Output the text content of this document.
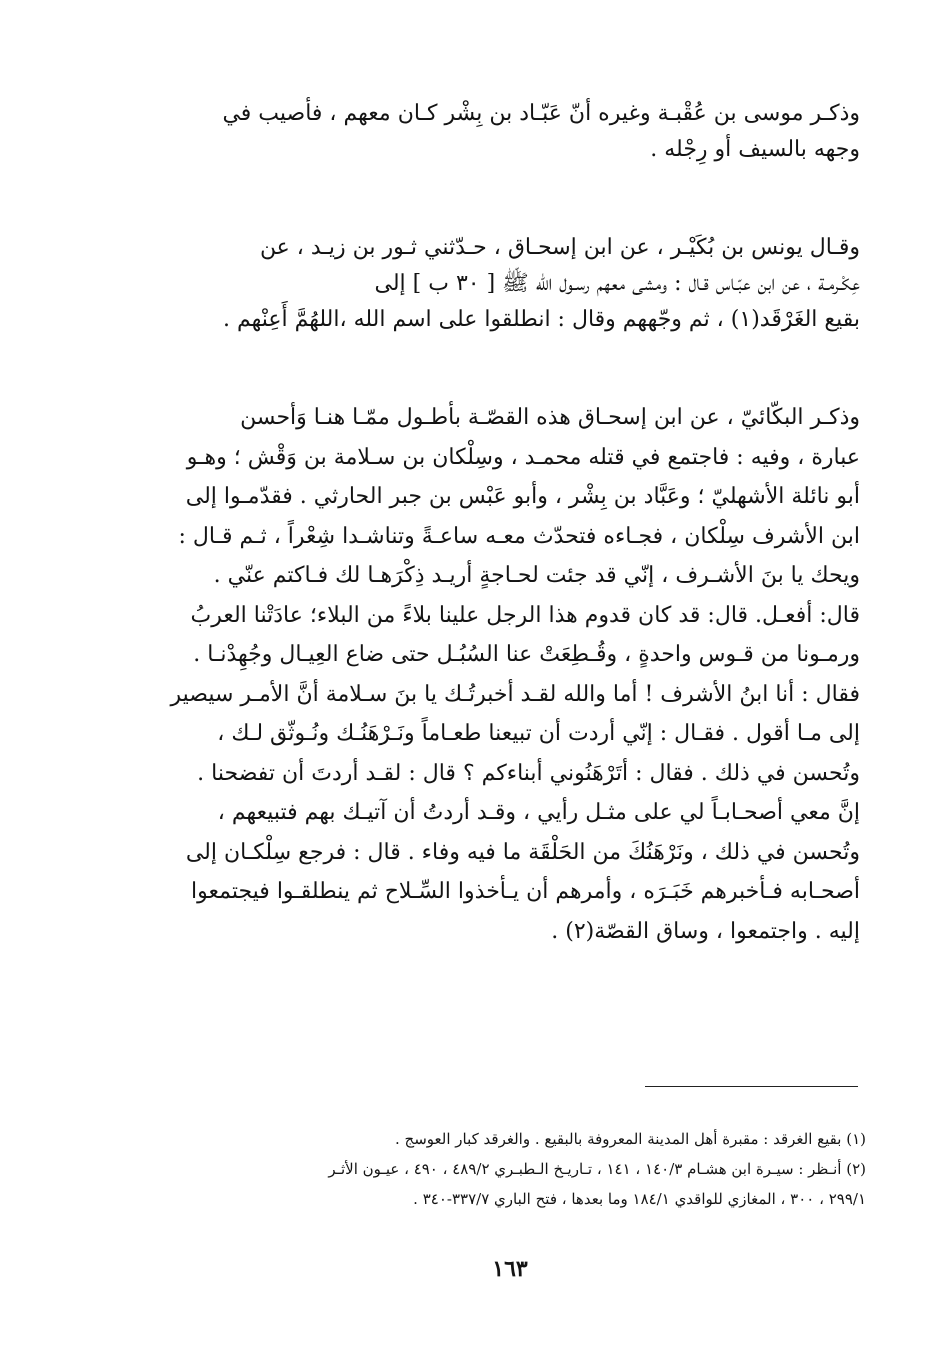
وذكـر موسى بن عُقْبـة وغيره أنّ عَبّـاد بن بِشْر كـان معهم ، فأصيب في
وجهه بالسيف أو رِجْله .
وقـال يونس بن بُكَيْـر ، عن ابن إسحـاق ، حـدّثني ثـور بن زيـد ، عن
عِكْـرمـة ، عن ابن عبّـاس قـال : ومشى معهم رسـول الله ﷺ [ ٣٠ ب ] إلى
بقيع الغَرْقَد(١) ، ثم وجّههم وقال : انطلقوا على اسم الله ،اللهُمَّ أَعِنْهم .
وذكـر البكّائيّ ، عن ابن إسحـاق هذه القصّـة بأطـول ممّـا هنـا وَأحسن
عبارة ، وفيه : فاجتمع في قتله محمـد ، وسِلْكان بن سـلامة بن وَقْش ؛ وهـو
أبو نائلة الأشهليّ ؛ وعَبَّاد بن بِشْر ، وأبو عَبْس بن جبر الحارثي . فقدّمـوا إلى
ابن الأشرف سِلْكان ، فجـاءه فتحدّث معـه ساعـةً وتناشـدا شِعْراً ، ثـم قـال :
ويحك يا بنَ الأشـرف ، إنّي قد جئت لحـاجةٍ أريـد ذِكْرَهـا لك فـاكتم عنّي .
قال: أفعـل. قال: قد كان قدوم هذا الرجل علينا بلاءً من البلاء؛ عادَتْنا العربُ
ورمـونا من قـوس واحدةٍ ، وقُـطِعَتْ عنا السُبُـل حتى ضاع العِيـال وجُهِدْنـا .
فقال : أنا ابنُ الأشرف ! أما والله لقـد أخبرتُـك يا بنَ سـلامة أنَّ الأمـر سيصير
إلى مـا أقول . فقـال : إنّي أردت أن تبيعنا طعـاماً ونَـرْهَنُـك ونُـوثّق لـك ،
وتُحسن في ذلك . فقال : أتَرْهَنُوني أبناءكم ؟ قال : لقـد أردتَ أن تفضحنا .
إنَّ معي أصحـابـاً لي على مثـل رأيي ، وقـد أردتُ أن آتيـك بهم فتبيعهم ،
وتُحسن في ذلك ، ونَرْهَنُكَ من الحَلْقَة ما فيه وفاء . قال : فرجع سِلْكـان إلى
أصحـابه فـأخبرهم خَبَـرَه ، وأمرهم أن يـأخذوا السِّـلاح ثم ينطلقـوا فيجتمعوا
إليه . واجتمعوا ، وساق القصّة(٢) .
(١) بقيع الغرقد : مقبرة أهل المدينة المعروفة بالبقيع . والغرقد كبار العوسج .
(٢) أنـظر : سيـرة ابن هشـام ١٤٠/٣ ، ١٤١ ، تـاريـخ الـطبـري ٤٨٩/٢ ، ٤٩٠ ، عيـون الأثـر
٢٩٩/١ ، ٣٠٠ ، المغازي للواقدي ١٨٤/١ وما بعدها ، فتح الباري ٣٣٧/٧-٣٤٠ .
١٦٣
